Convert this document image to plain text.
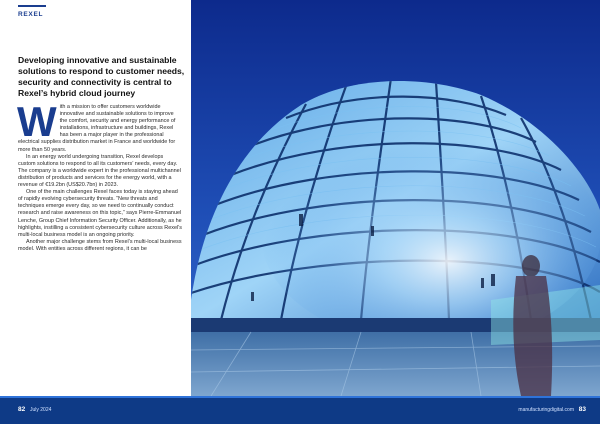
REXEL
Developing innovative and sustainable solutions to respond to customer needs, security and connectivity is central to Rexel’s hybrid cloud journey

With a mission to offer customers worldwide innovative and sustainable solutions to improve the comfort, security and energy performance of installations, infrastructure and buildings, Rexel has been a major player in the professional electrical supplies distribution market in France and worldwide for more than 50 years.

In an energy world undergoing transition, Rexel develops custom solutions to respond to all its customers’ needs, every day. The company is a worldwide expert in the professional multichannel distribution of products and services for the energy world, with a revenue of €19.2bn (US$20.7bn) in 2023.

One of the main challenges Rexel faces today is staying ahead of rapidly evolving cybersecurity threats. “New threats and techniques emerge every day, so we need to continually conduct research and raise awareness on this topic,” says Pierre-Emmanuel Lenche, Group Chief Information Security Officer. Additionally, as he highlights, instilling a consistent cybersecurity culture across Rexel’s multi-local business model is an ongoing priority.

Another major challenge stems from Rexel’s multi-local business model. With entities across different regions, it can be

82 July 2024	manufacturingdigital.com 83
